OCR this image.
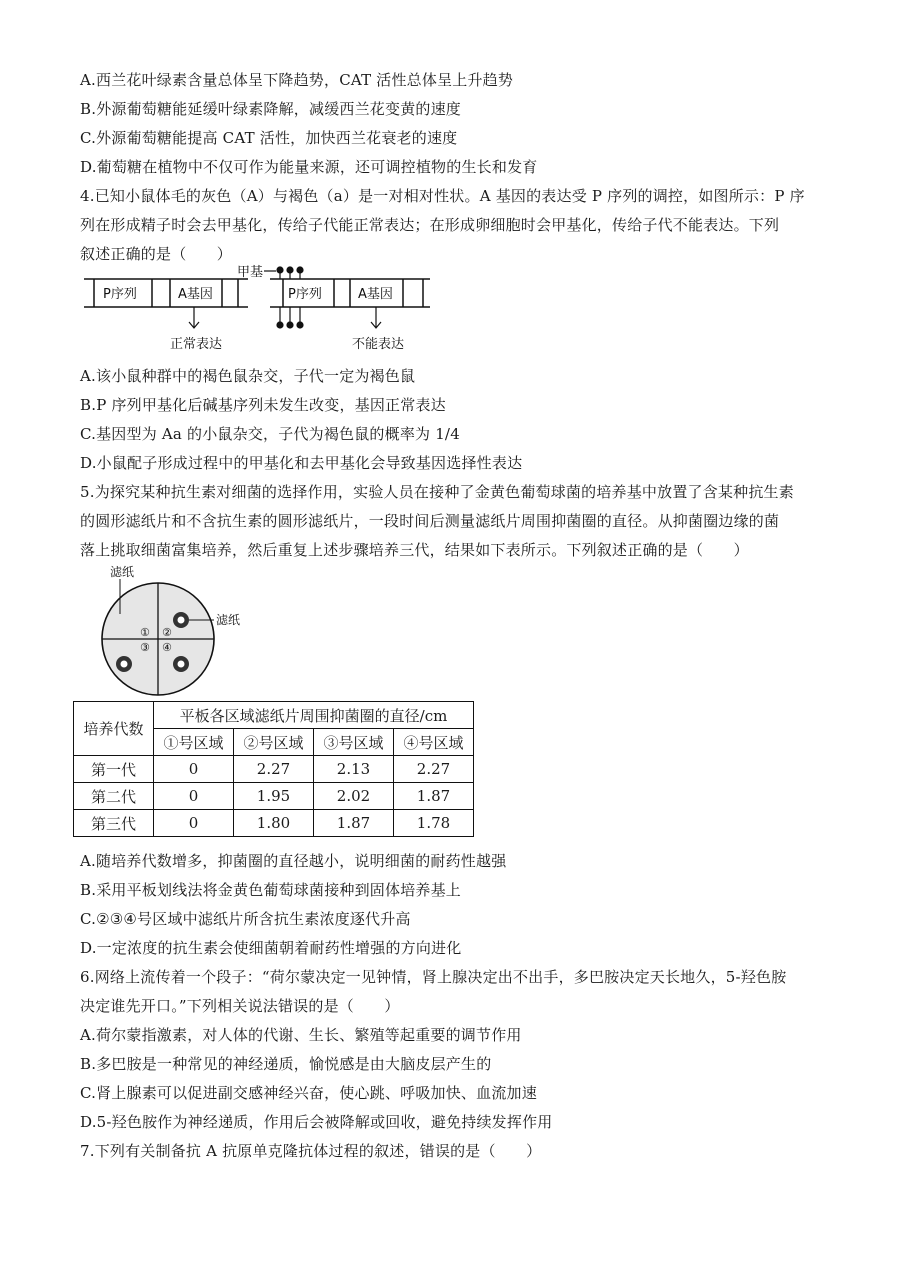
A.西兰花叶绿素含量总体呈下降趋势，CAT 活性总体呈上升趋势
B.外源葡萄糖能延缓叶绿素降解，减缓西兰花变黄的速度
C.外源葡萄糖能提高 CAT 活性，加快西兰花衰老的速度
D.葡萄糖在植物中不仅可作为能量来源，还可调控植物的生长和发育
4.已知小鼠体毛的灰色（A）与褐色（a）是一对相对性状。A 基因的表达受 P 序列的调控，如图所示：P 序
列在形成精子时会去甲基化，传给子代能正常表达；在形成卵细胞时会甲基化，传给子代不能表达。下列
叙述正确的是（　　）
P序列	A基因
正常表达
P序列	A基因
甲基
不能表达
A.该小鼠种群中的褐色鼠杂交，子代一定为褐色鼠
B.P 序列甲基化后碱基序列未发生改变，基因正常表达
C.基因型为 Aa 的小鼠杂交，子代为褐色鼠的概率为 1/4
D.小鼠配子形成过程中的甲基化和去甲基化会导致基因选择性表达
5.为探究某种抗生素对细菌的选择作用，实验人员在接种了金黄色葡萄球菌的培养基中放置了含某种抗生素
的圆形滤纸片和不含抗生素的圆形滤纸片，一段时间后测量滤纸片周围抑菌圈的直径。从抑菌圈边缘的菌
落上挑取细菌富集培养，然后重复上述步骤培养三代，结果如下表所示。下列叙述正确的是（　　）
滤纸
滤纸
① ②
③ ④
培养代数	平板各区域滤纸片周围抑菌圈的直径/cm			
	①号区域	②号区域	③号区域	④号区域
第一代	0	2.27	2.13	2.27
第二代	0	1.95	2.02	1.87
第三代	0	1.80	1.87	1.78
A.随培养代数增多，抑菌圈的直径越小，说明细菌的耐药性越强
B.采用平板划线法将金黄色葡萄球菌接种到固体培养基上
C.②③④号区域中滤纸片所含抗生素浓度逐代升高
D.一定浓度的抗生素会使细菌朝着耐药性增强的方向进化
6.网络上流传着一个段子：“荷尔蒙决定一见钟情，肾上腺决定出不出手，多巴胺决定天长地久，5-羟色胺
决定谁先开口。”下列相关说法错误的是（　　）
A.荷尔蒙指激素，对人体的代谢、生长、繁殖等起重要的调节作用
B.多巴胺是一种常见的神经递质，愉悦感是由大脑皮层产生的
C.肾上腺素可以促进副交感神经兴奋，使心跳、呼吸加快、血流加速
D.5-羟色胺作为神经递质，作用后会被降解或回收，避免持续发挥作用
7.下列有关制备抗 A 抗原单克隆抗体过程的叙述，错误的是（　　）
